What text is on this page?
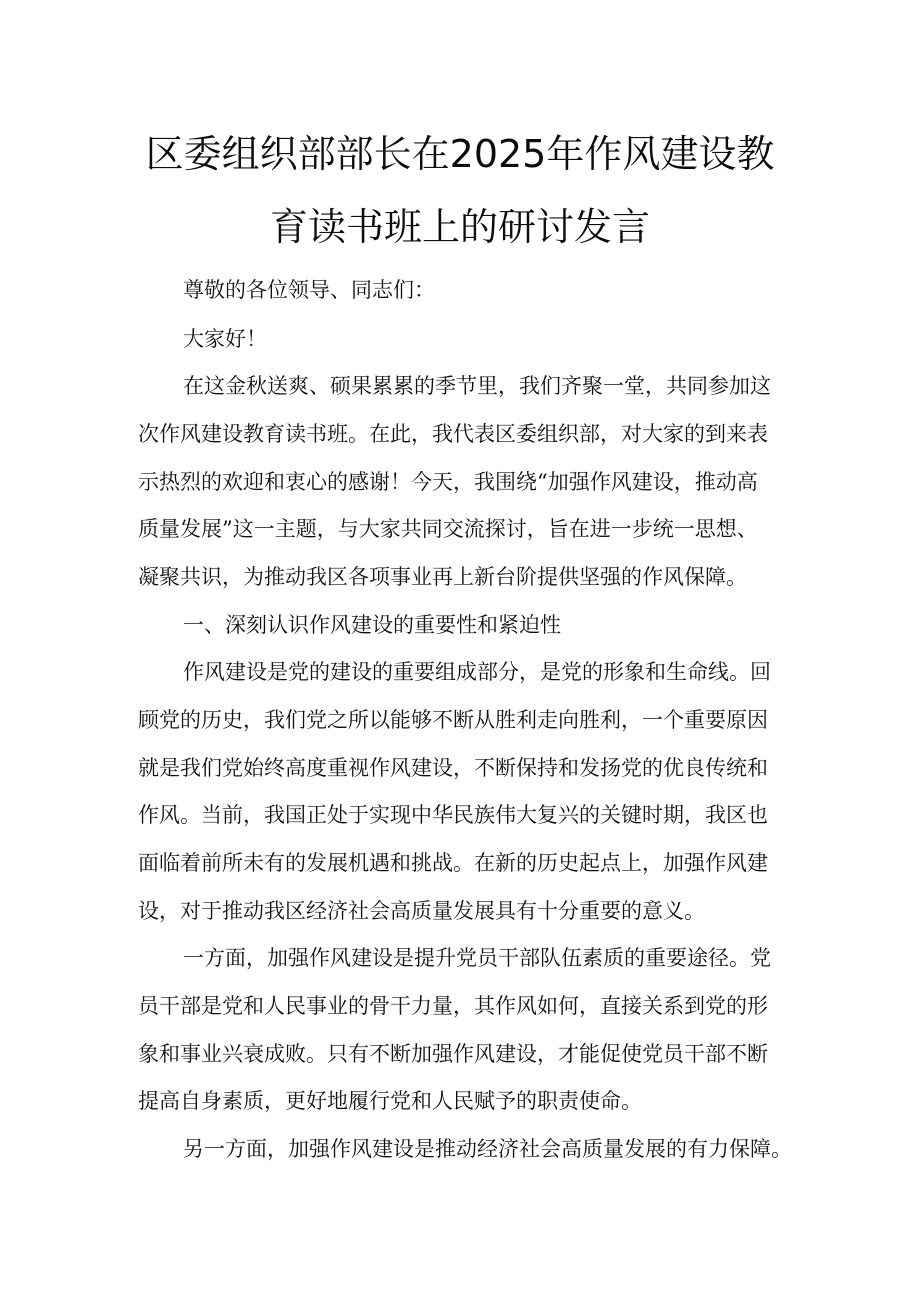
区委组织部部长在2025年作风建设教
育读书班上的研讨发言

尊敬的各位领导、同志们：

大家好！

在这金秋送爽、硕果累累的季节里，我们齐聚一堂，共同参加这

次作风建设教育读书班。在此，我代表区委组织部，对大家的到来表

示热烈的欢迎和衷心的感谢！今天，我围绕“加强作风建设，推动高

质量发展”这一主题，与大家共同交流探讨，旨在进一步统一思想、

凝聚共识，为推动我区各项事业再上新台阶提供坚强的作风保障。

一、深刻认识作风建设的重要性和紧迫性

作风建设是党的建设的重要组成部分，是党的形象和生命线。回

顾党的历史，我们党之所以能够不断从胜利走向胜利，一个重要原因

就是我们党始终高度重视作风建设，不断保持和发扬党的优良传统和

作风。当前，我国正处于实现中华民族伟大复兴的关键时期，我区也

面临着前所未有的发展机遇和挑战。在新的历史起点上，加强作风建

设，对于推动我区经济社会高质量发展具有十分重要的意义。

一方面，加强作风建设是提升党员干部队伍素质的重要途径。党

员干部是党和人民事业的骨干力量，其作风如何，直接关系到党的形

象和事业兴衰成败。只有不断加强作风建设，才能促使党员干部不断

提高自身素质，更好地履行党和人民赋予的职责使命。

另一方面，加强作风建设是推动经济社会高质量发展的有力保障。
